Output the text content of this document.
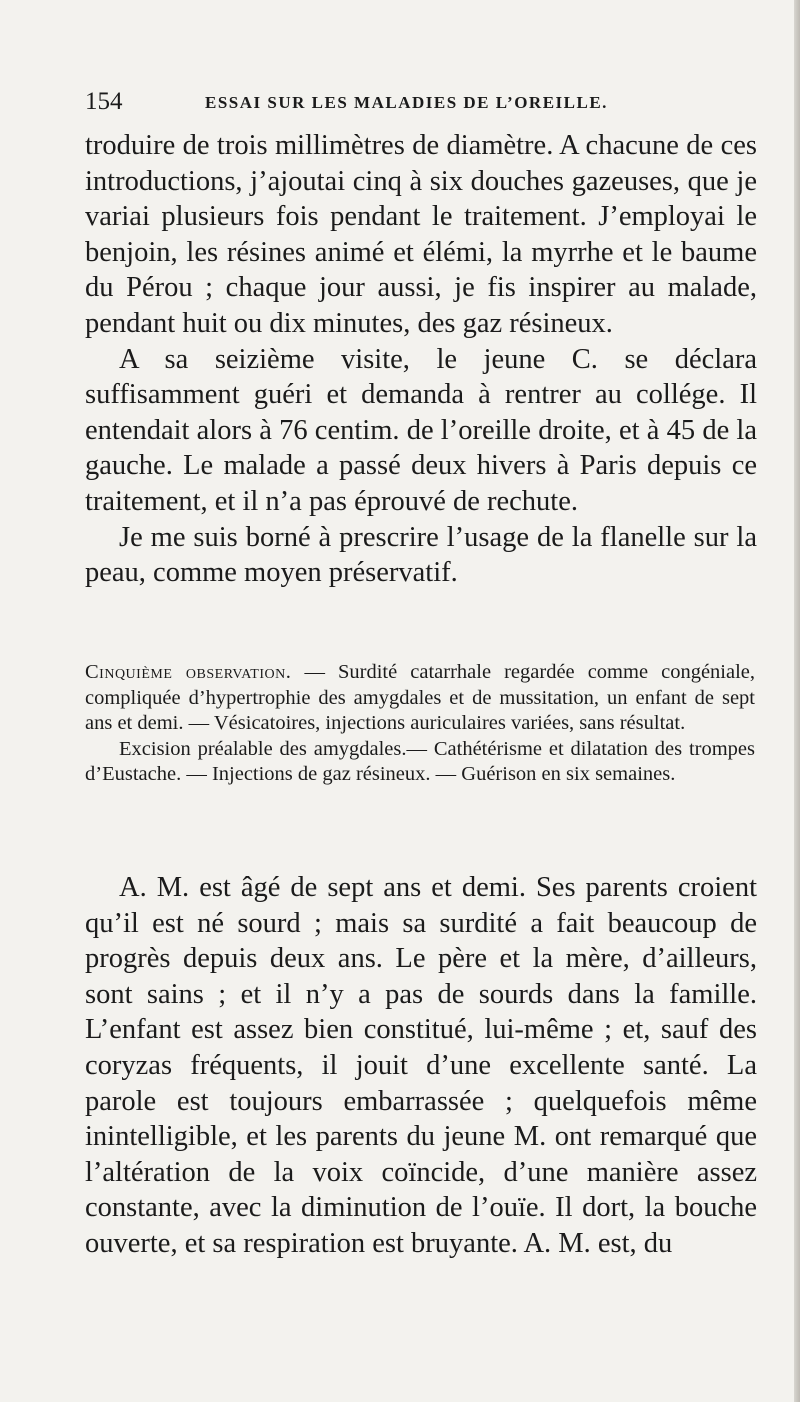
154	ESSAI SUR LES MALADIES DE L’OREILLE.

troduire de trois millimètres de diamètre. A chacune de ces introductions, j’ajoutai cinq à six douches gazeuses, que je variai plusieurs fois pendant le traitement. J’employai le benjoin, les résines animé et élémi, la myrrhe et le baume du Pérou ; chaque jour aussi, je fis inspirer au malade, pendant huit ou dix minutes, des gaz résineux.

A sa seizième visite, le jeune C. se déclara suffisamment guéri et demanda à rentrer au collége. Il entendait alors à 76 centim. de l’oreille droite, et à 45 de la gauche. Le malade a passé deux hivers à Paris depuis ce traitement, et il n’a pas éprouvé de rechute.

Je me suis borné à prescrire l’usage de la flanelle sur la peau, comme moyen préservatif.

Cinquième observation. — Surdité catarrhale regardée comme congéniale, compliquée d’hypertrophie des amygdales et de mussitation, un enfant de sept ans et demi. — Vésicatoires, injections auriculaires variées, sans résultat.

Excision préalable des amygdales.— Cathétérisme et dilatation des trompes d’Eustache. — Injections de gaz résineux. — Guérison en six semaines.

A. M. est âgé de sept ans et demi. Ses parents croient qu’il est né sourd ; mais sa surdité a fait beaucoup de progrès depuis deux ans. Le père et la mère, d’ailleurs, sont sains ; et il n’y a pas de sourds dans la famille. L’enfant est assez bien constitué, lui-même ; et, sauf des coryzas fréquents, il jouit d’une excellente santé. La parole est toujours embarrassée ; quelquefois même inintelligible, et les parents du jeune M. ont remarqué que l’altération de la voix coïncide, d’une manière assez constante, avec la diminution de l’ouïe. Il dort, la bouche ouverte, et sa respiration est bruyante. A. M. est, du
